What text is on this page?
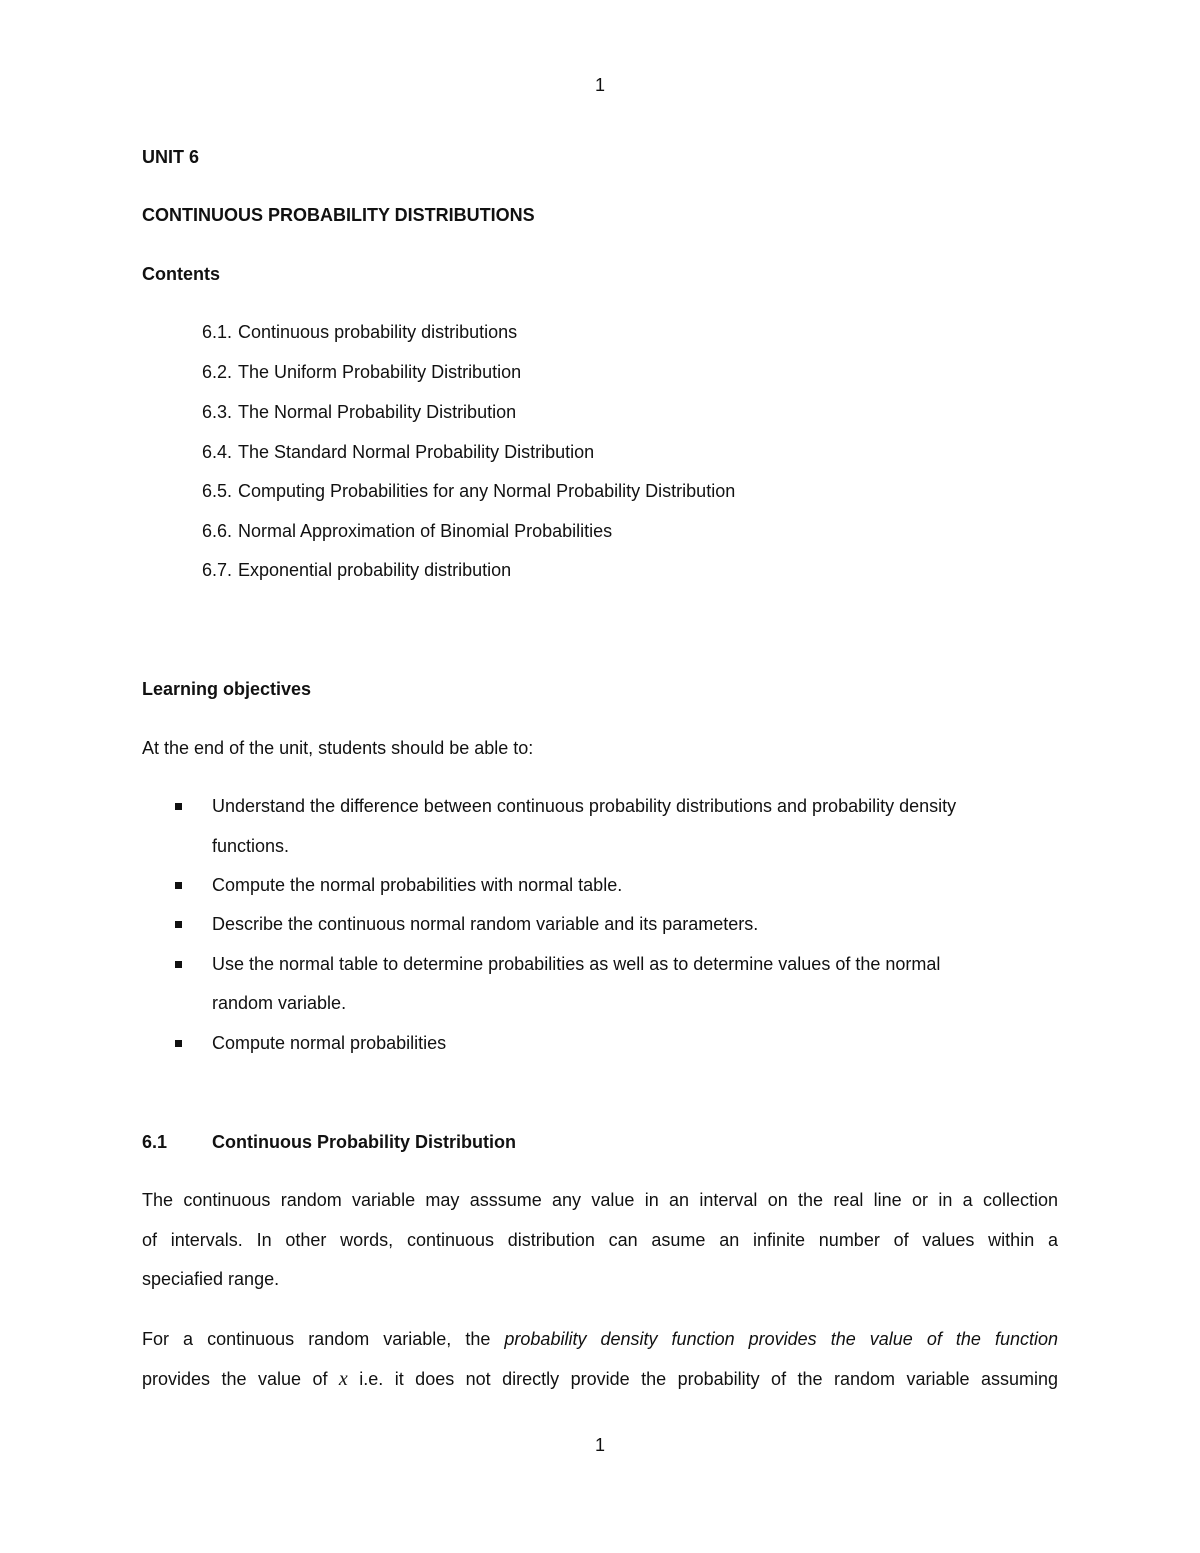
1
UNIT 6
CONTINUOUS PROBABILITY DISTRIBUTIONS
Contents
6.1. Continuous probability distributions
6.2. The Uniform Probability Distribution
6.3. The Normal Probability Distribution
6.4. The Standard Normal Probability Distribution
6.5. Computing Probabilities for any Normal Probability Distribution
6.6. Normal Approximation of Binomial Probabilities
6.7. Exponential probability distribution
Learning objectives
At the end of the unit, students should be able to:
Understand the difference between continuous probability distributions and probability density
functions.
Compute the normal probabilities with normal table.
Describe the continuous normal random variable and its parameters.
Use the normal table to determine probabilities as well as to determine values of the normal
random variable.
Compute normal probabilities
6.1 Continuous Probability Distribution
The continuous random variable may asssume any value in an interval on the real line or in a collection
of intervals. In other words, continuous distribution can asume an infinite number of values within a
speciafied range.
For a continuous random variable, the probability density function provides the value of the function
provides the value of x i.e. it does not directly provide the probability of the random variable assuming
1
